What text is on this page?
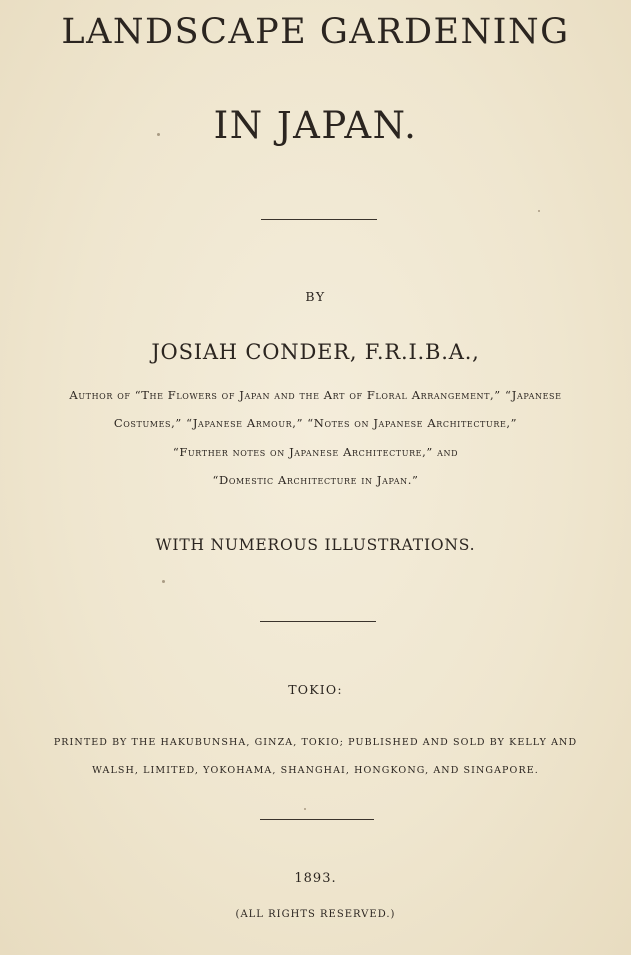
LANDSCAPE GARDENING
IN JAPAN.
BY
JOSIAH CONDER, F.R.I.B.A.,
Author of “The Flowers of Japan and the Art of Floral Arrangement,” “Japanese
Costumes,” “Japanese Armour,” “Notes on Japanese Architecture,”
“Further notes on Japanese Architecture,” and
“Domestic Architecture in Japan.”
WITH NUMEROUS ILLUSTRATIONS.
TOKIO:
PRINTED BY THE HAKUBUNSHA, GINZA, TOKIO; PUBLISHED AND SOLD BY KELLY AND
WALSH, LIMITED, YOKOHAMA, SHANGHAI, HONGKONG, AND SINGAPORE.
1893.
(ALL RIGHTS RESERVED.)
